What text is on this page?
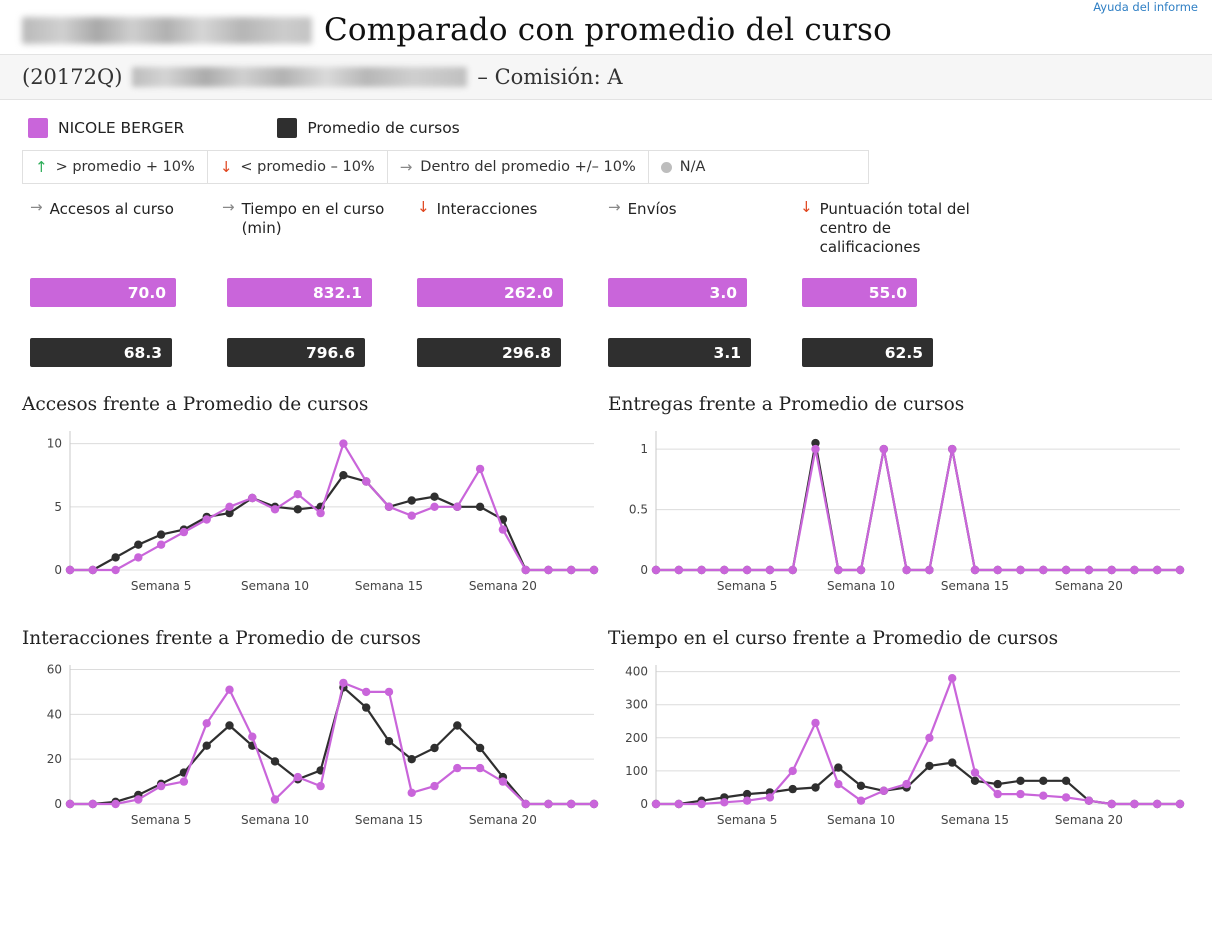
Ayuda del informe
Comparado con promedio del curso
(20172Q)	– Comisión: A
NICOLE BERGER	Promedio de cursos
↑ > promedio + 10% ↓ < promedio – 10% → Dentro del promedio +/– 10%	N/A
→ Accesos al curso
70.0
68.3
→ Tiempo en el curso (min)
832.1
796.6
↓ Interacciones
262.0
296.8
→ Envíos
3.0
3.1
↓ Puntuación total del centro de calificaciones
55.0
62.5
Accesos frente a Promedio de cursos
0
5
10
Semana 5	Semana 10	Semana 15	Semana 20
Entregas frente a Promedio de cursos
0
0.5
1
Semana 5	Semana 10	Semana 15	Semana 20
Interacciones frente a Promedio de cursos
0
20
40
60
Semana 5	Semana 10	Semana 15	Semana 20
Tiempo en el curso frente a Promedio de cursos
0
100
200
300
400
Semana 5	Semana 10	Semana 15	Semana 20
